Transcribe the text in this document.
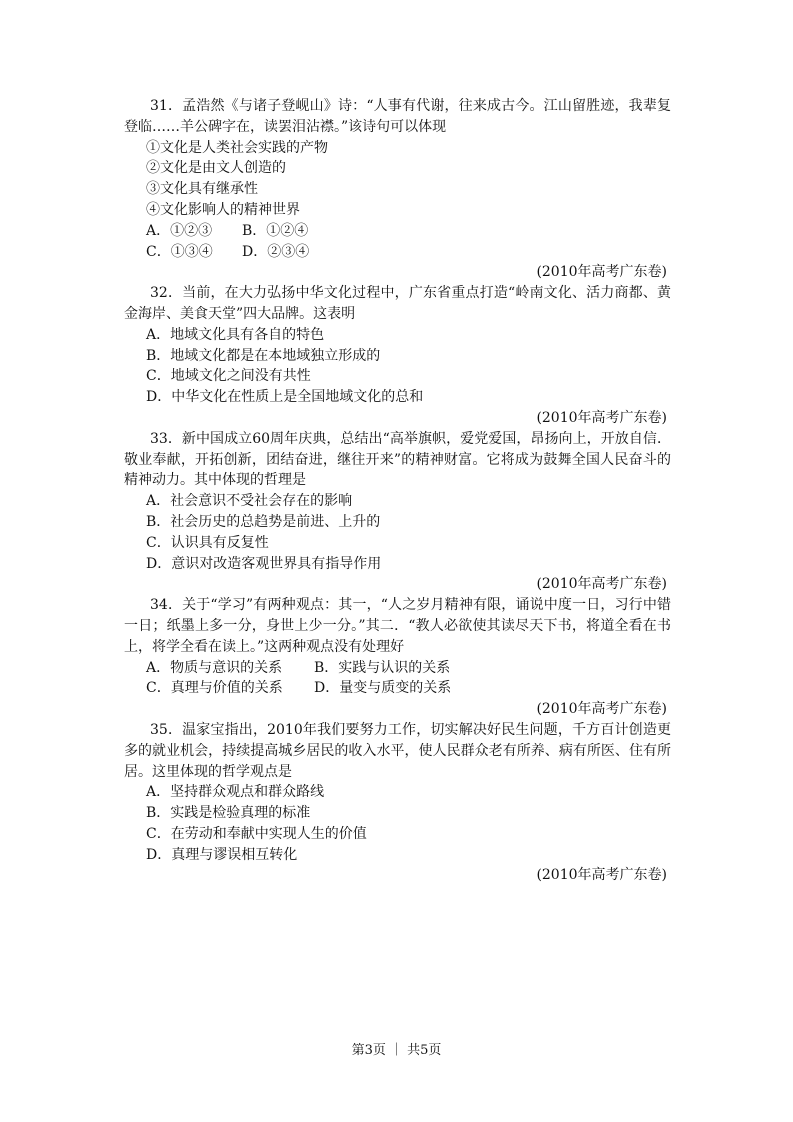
31．孟浩然《与诸子登岘山》诗：“人事有代谢，往来成古今。江山留胜迹，我辈复登临……羊公碑字在，读罢泪沾襟。”该诗句可以体现
①文化是人类社会实践的产物
②文化是由文人创造的
③文化具有继承性
④文化影响人的精神世界
A．①②③ B．①②④
C．①③④ D．②③④
(2010年高考广东卷)
32．当前，在大力弘扬中华文化过程中，广东省重点打造“岭南文化、活力商都、黄金海岸、美食天堂”四大品牌。这表明
A．地域文化具有各自的特色
B．地域文化都是在本地域独立形成的
C．地域文化之间没有共性
D．中华文化在性质上是全国地域文化的总和
(2010年高考广东卷)
33．新中国成立60周年庆典，总结出“高举旗帜，爱党爱国，昂扬向上，开放自信．敬业奉献，开拓创新，团结奋进，继往开来”的精神财富。它将成为鼓舞全国人民奋斗的精神动力。其中体现的哲理是
A．社会意识不受社会存在的影响
B．社会历史的总趋势是前进、上升的
C．认识具有反复性
D．意识对改造客观世界具有指导作用
(2010年高考广东卷)
34．关于“学习”有两种观点：其一，“人之岁月精神有限，诵说中度一日，习行中错一日；纸墨上多一分，身世上少一分。”其二．“教人必欲使其读尽天下书，将道全看在书上，将学全看在读上。”这两种观点没有处理好
A．物质与意识的关系 B．实践与认识的关系
C．真理与价值的关系 D．量变与质变的关系
(2010年高考广东卷)
35．温家宝指出，2010年我们要努力工作，切实解决好民生问题，千方百计创造更多的就业机会，持续提高城乡居民的收入水平，使人民群众老有所养、病有所医、住有所居。这里体现的哲学观点是
A．坚持群众观点和群众路线
B．实践是检验真理的标准
C．在劳动和奉献中实现人生的价值
D．真理与谬误相互转化
(2010年高考广东卷)
第3页 ｜ 共5页
